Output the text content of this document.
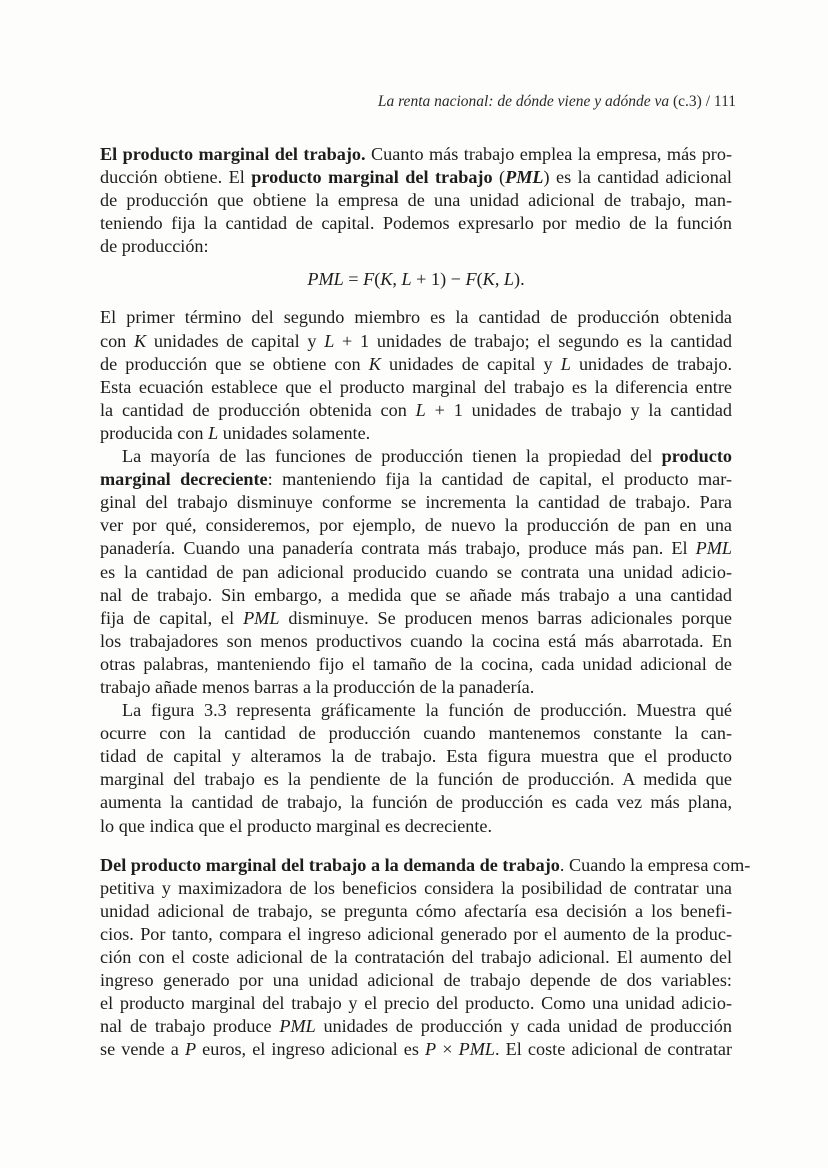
La renta nacional: de dónde viene y adónde va (c.3) / 111
El producto marginal del trabajo. Cuanto más trabajo emplea la empresa, más pro-
ducción obtiene. El producto marginal del trabajo (PML) es la cantidad adicional
de producción que obtiene la empresa de una unidad adicional de trabajo, man-
teniendo fija la cantidad de capital. Podemos expresarlo por medio de la función
de producción:
PML = F(K, L + 1) − F(K, L).
El primer término del segundo miembro es la cantidad de producción obtenida
con K unidades de capital y L + 1 unidades de trabajo; el segundo es la cantidad
de producción que se obtiene con K unidades de capital y L unidades de trabajo.
Esta ecuación establece que el producto marginal del trabajo es la diferencia entre
la cantidad de producción obtenida con L + 1 unidades de trabajo y la cantidad
producida con L unidades solamente.
La mayoría de las funciones de producción tienen la propiedad del producto
marginal decreciente: manteniendo fija la cantidad de capital, el producto mar-
ginal del trabajo disminuye conforme se incrementa la cantidad de trabajo. Para
ver por qué, consideremos, por ejemplo, de nuevo la producción de pan en una
panadería. Cuando una panadería contrata más trabajo, produce más pan. El PML
es la cantidad de pan adicional producido cuando se contrata una unidad adicio-
nal de trabajo. Sin embargo, a medida que se añade más trabajo a una cantidad
fija de capital, el PML disminuye. Se producen menos barras adicionales porque
los trabajadores son menos productivos cuando la cocina está más abarrotada. En
otras palabras, manteniendo fijo el tamaño de la cocina, cada unidad adicional de
trabajo añade menos barras a la producción de la panadería.
La figura 3.3 representa gráficamente la función de producción. Muestra qué
ocurre con la cantidad de producción cuando mantenemos constante la can-
tidad de capital y alteramos la de trabajo. Esta figura muestra que el producto
marginal del trabajo es la pendiente de la función de producción. A medida que
aumenta la cantidad de trabajo, la función de producción es cada vez más plana,
lo que indica que el producto marginal es decreciente.
Del producto marginal del trabajo a la demanda de trabajo. Cuando la empresa com-
petitiva y maximizadora de los beneficios considera la posibilidad de contratar una
unidad adicional de trabajo, se pregunta cómo afectaría esa decisión a los benefi-
cios. Por tanto, compara el ingreso adicional generado por el aumento de la produc-
ción con el coste adicional de la contratación del trabajo adicional. El aumento del
ingreso generado por una unidad adicional de trabajo depende de dos variables:
el producto marginal del trabajo y el precio del producto. Como una unidad adicio-
nal de trabajo produce PML unidades de producción y cada unidad de producción
se vende a P euros, el ingreso adicional es P × PML. El coste adicional de contratar
